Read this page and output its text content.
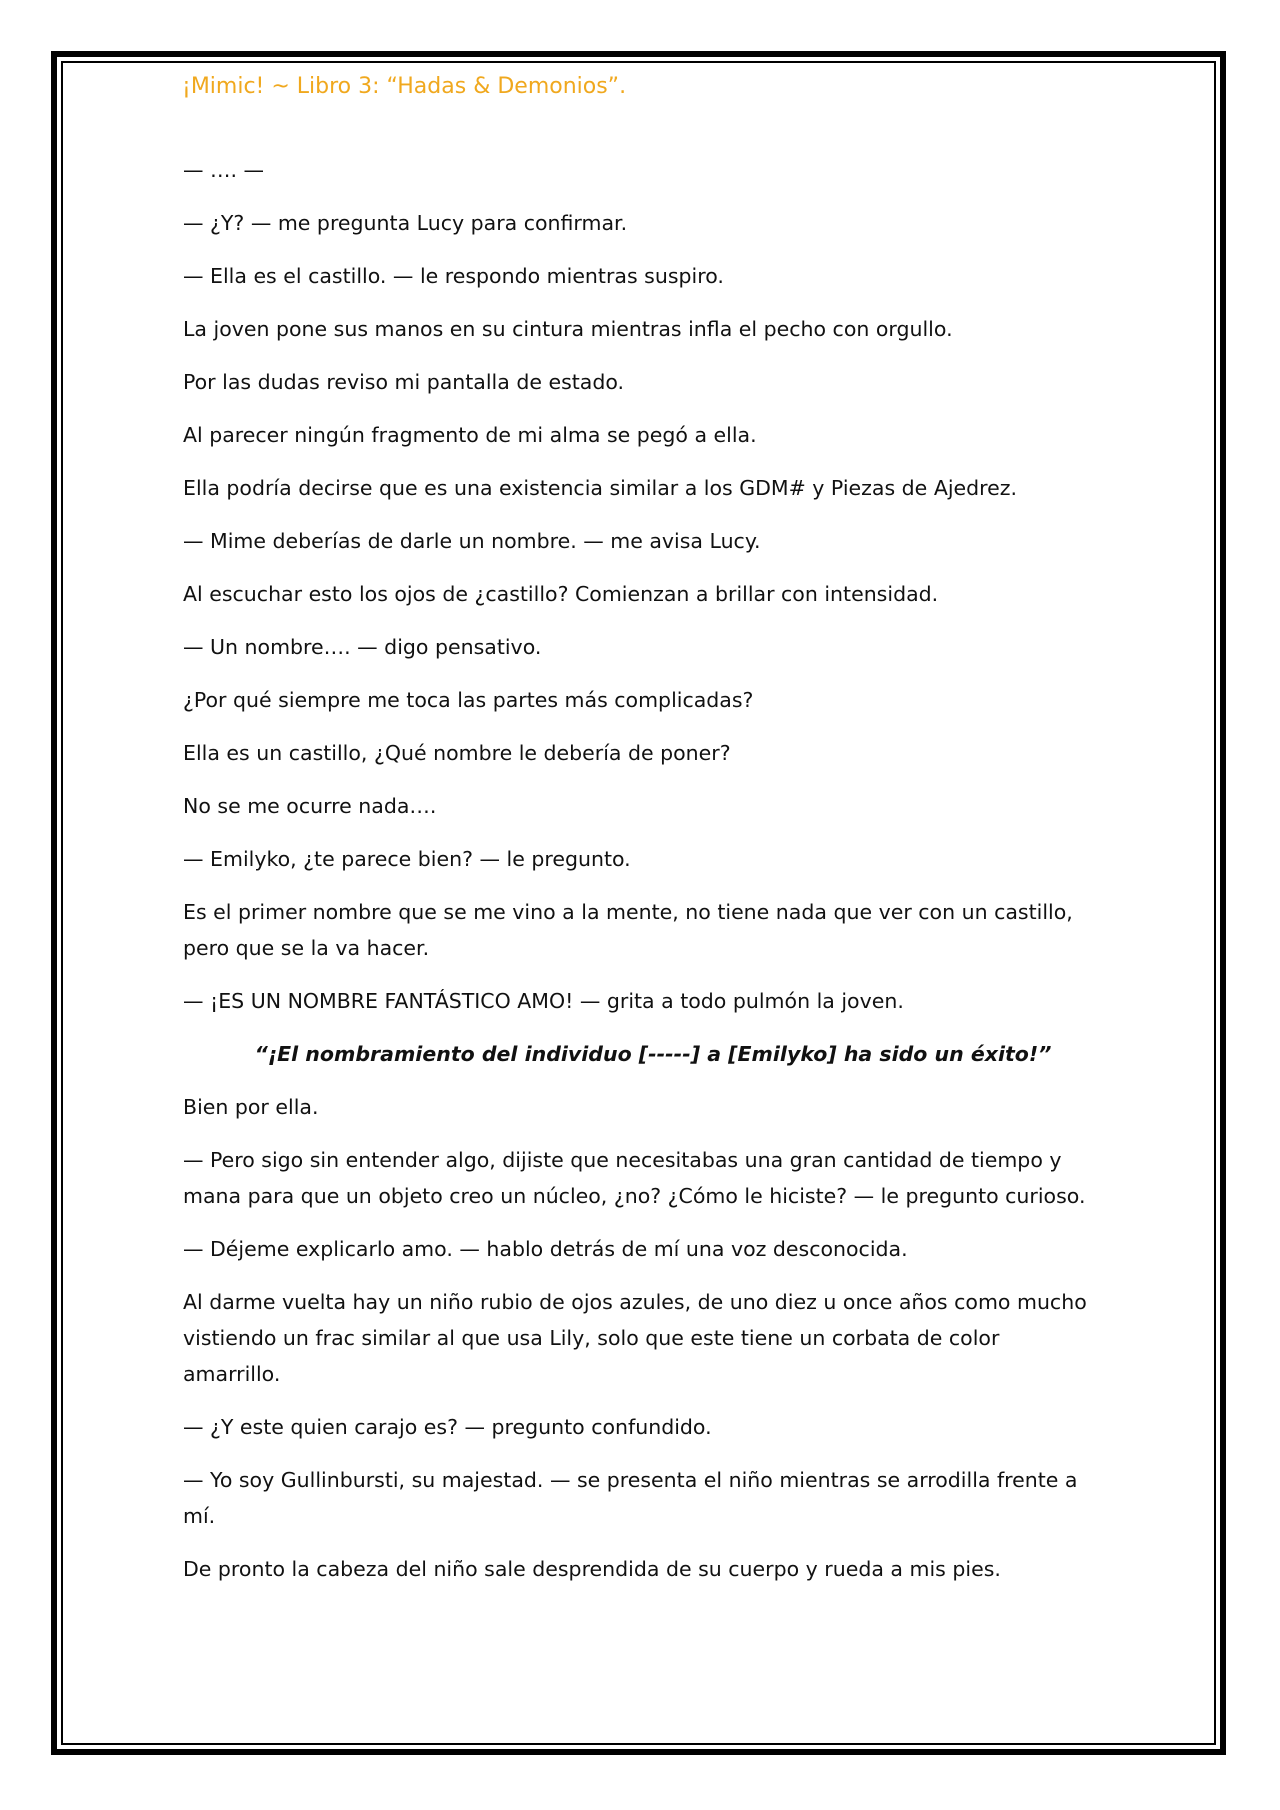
¡Mimic! ~ Libro 3: “Hadas & Demonios”.

— …. —

— ¿Y? — me pregunta Lucy para confirmar.

— Ella es el castillo. — le respondo mientras suspiro.

La joven pone sus manos en su cintura mientras infla el pecho con orgullo.

Por las dudas reviso mi pantalla de estado.

Al parecer ningún fragmento de mi alma se pegó a ella.

Ella podría decirse que es una existencia similar a los GDM# y Piezas de Ajedrez.

— Mime deberías de darle un nombre. — me avisa Lucy.

Al escuchar esto los ojos de ¿castillo? Comienzan a brillar con intensidad.

— Un nombre…. — digo pensativo.

¿Por qué siempre me toca las partes más complicadas?

Ella es un castillo, ¿Qué nombre le debería de poner?

No se me ocurre nada….

— Emilyko, ¿te parece bien? — le pregunto.

Es el primer nombre que se me vino a la mente, no tiene nada que ver con un castillo, pero que se la va hacer.

— ¡ES UN NOMBRE FANTÁSTICO AMO! — grita a todo pulmón la joven.

“¡El nombramiento del individuo [-----] a [Emilyko] ha sido un éxito!”

Bien por ella.

— Pero sigo sin entender algo, dijiste que necesitabas una gran cantidad de tiempo y mana para que un objeto creo un núcleo, ¿no? ¿Cómo le hiciste? — le pregunto curioso.

— Déjeme explicarlo amo. — hablo detrás de mí una voz desconocida.

Al darme vuelta hay un niño rubio de ojos azules, de uno diez u once años como mucho vistiendo un frac similar al que usa Lily, solo que este tiene un corbata de color amarrillo.

— ¿Y este quien carajo es? — pregunto confundido.

— Yo soy Gullinbursti, su majestad. — se presenta el niño mientras se arrodilla frente a mí.

De pronto la cabeza del niño sale desprendida de su cuerpo y rueda a mis pies.
